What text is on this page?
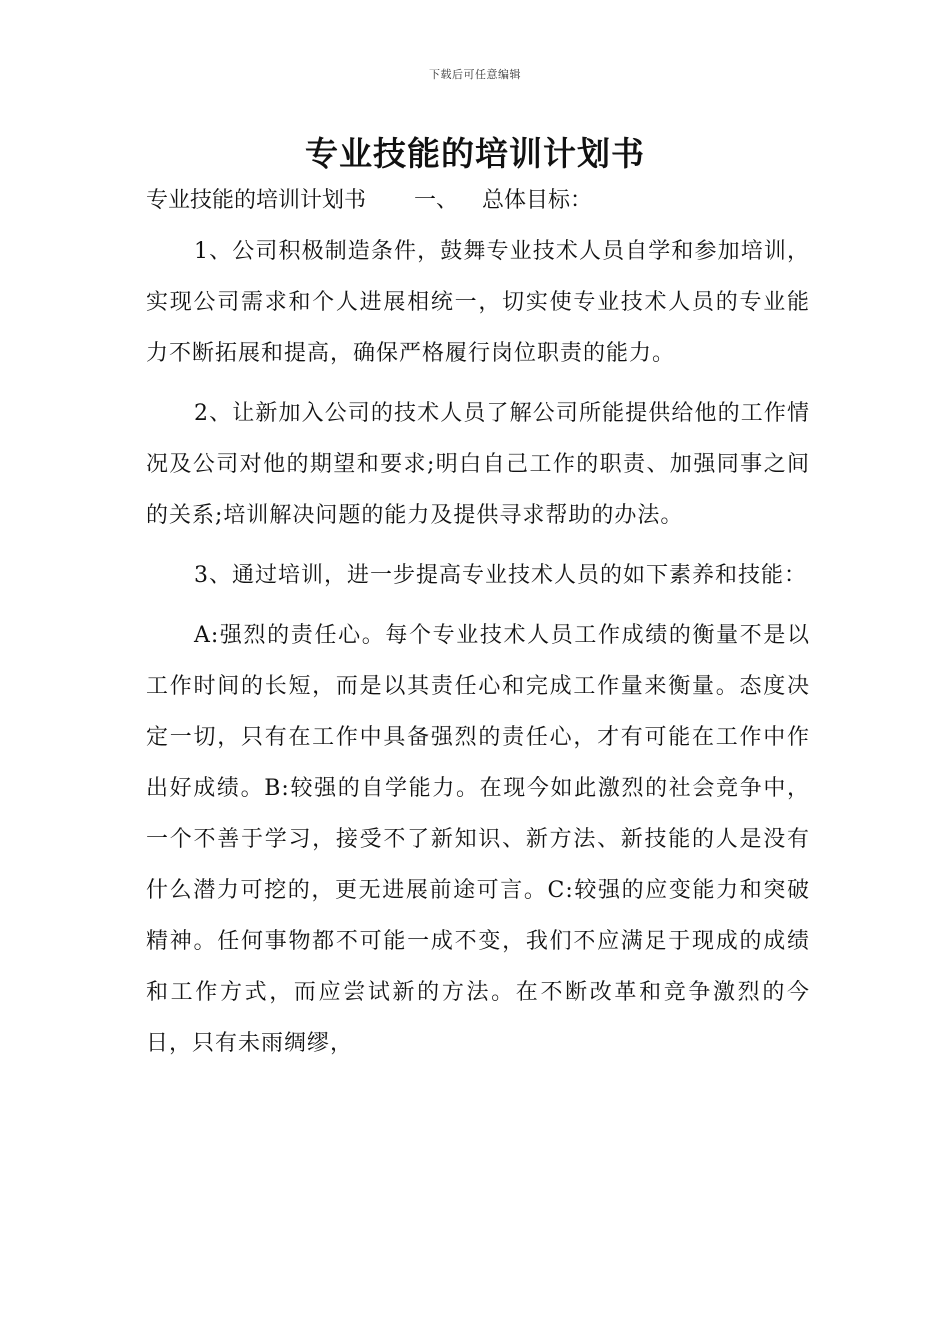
下载后可任意编辑
专业技能的培训计划书
专业技能的培训计划书 一、 总体目标：

1、公司积极制造条件，鼓舞专业技术人员自学和参加培训，实现公司需求和个人进展相统一，切实使专业技术人员的专业能力不断拓展和提高，确保严格履行岗位职责的能力。

2、让新加入公司的技术人员了解公司所能提供给他的工作情况及公司对他的期望和要求;明白自己工作的职责、加强同事之间的关系;培训解决问题的能力及提供寻求帮助的办法。

3、通过培训，进一步提高专业技术人员的如下素养和技能：

A:强烈的责任心。每个专业技术人员工作成绩的衡量不是以工作时间的长短，而是以其责任心和完成工作量来衡量。态度决定一切，只有在工作中具备强烈的责任心，才有可能在工作中作出好成绩。B:较强的自学能力。在现今如此激烈的社会竞争中，一个不善于学习，接受不了新知识、新方法、新技能的人是没有什么潜力可挖的，更无进展前途可言。C:较强的应变能力和突破精神。任何事物都不可能一成不变，我们不应满足于现成的成绩和工作方式，而应尝试新的方法。在不断改革和竞争激烈的今日，只有未雨绸缪，
